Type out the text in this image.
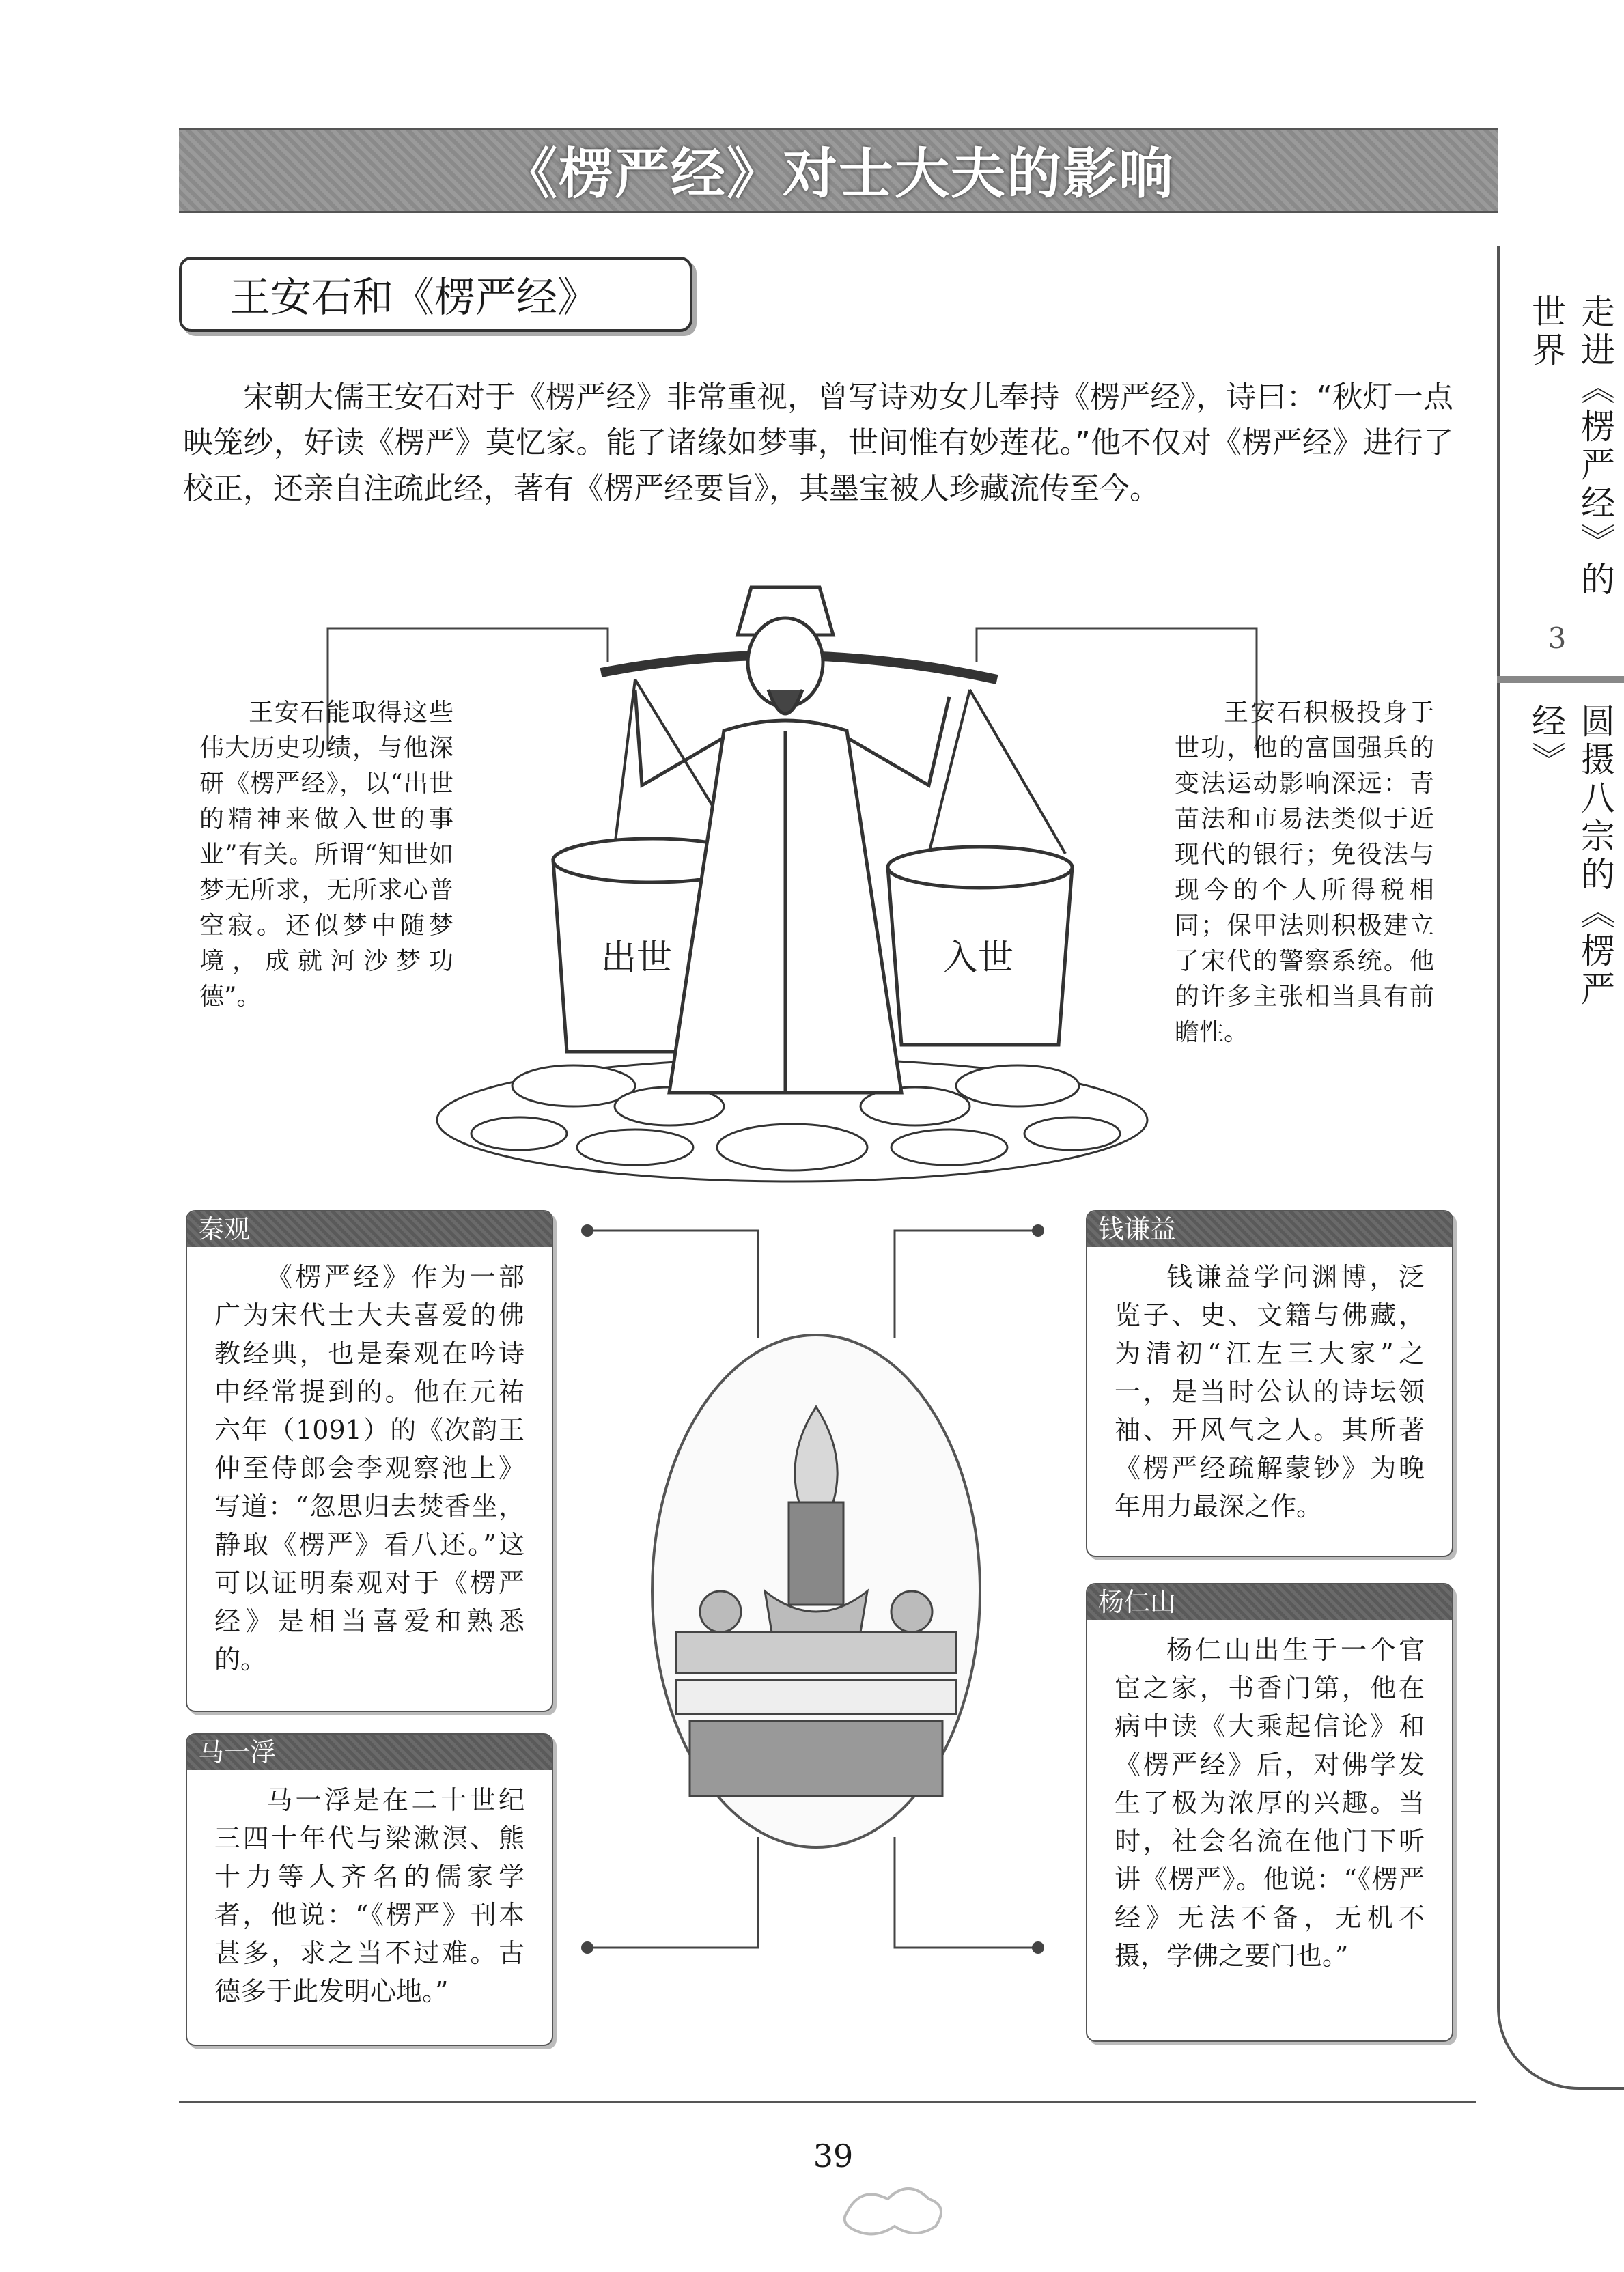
《楞严经》对士大夫的影响
王安石和《楞严经》	走进《楞严经》的世界
3
圆摄八宗的《楞严经》
宋朝大儒王安石对于《楞严经》非常重视，曾写诗劝女儿奉持《楞严经》，诗曰：“秋灯一点映笼纱，好读《楞严》莫忆家。能了诸缘如梦事，世间惟有妙莲花。”他不仅对《楞严经》进行了校正，还亲自注疏此经，著有《楞严经要旨》，其墨宝被人珍藏流传至今。
出世	入世
王安石能取得这些伟大历史功绩，与他深研《楞严经》，以“出世的精神来做入世的事业”有关。所谓“知世如梦无所求，无所求心普空寂。还似梦中随梦境，成就河沙梦功德”。
王安石积极投身于世功，他的富国强兵的变法运动影响深远：青苗法和市易法类似于近现代的银行；免役法与现今的个人所得税相同；保甲法则积极建立了宋代的警察系统。他的许多主张相当具有前瞻性。
秦观
《楞严经》作为一部广为宋代士大夫喜爱的佛教经典，也是秦观在吟诗中经常提到的。他在元祐六年（1091）的《次韵王仲至侍郎会李观察池上》写道：“忽思归去焚香坐，静取《楞严》看八还。”这可以证明秦观对于《楞严经》是相当喜爱和熟悉的。
马一浮
马一浮是在二十世纪三四十年代与梁漱溟、熊十力等人齐名的儒家学者，他说：“《楞严》刊本甚多，求之当不过难。古德多于此发明心地。”
钱谦益
钱谦益学问渊博，泛览子、史、文籍与佛藏，为清初“江左三大家”之一，是当时公认的诗坛领袖、开风气之人。其所著《楞严经疏解蒙钞》为晚年用力最深之作。
杨仁山
杨仁山出生于一个官宦之家，书香门第，他在病中读《大乘起信论》和《楞严经》后，对佛学发生了极为浓厚的兴趣。当时，社会名流在他门下听讲《楞严》。他说：“《楞严经》无法不备，无机不摄，学佛之要门也。”
39
